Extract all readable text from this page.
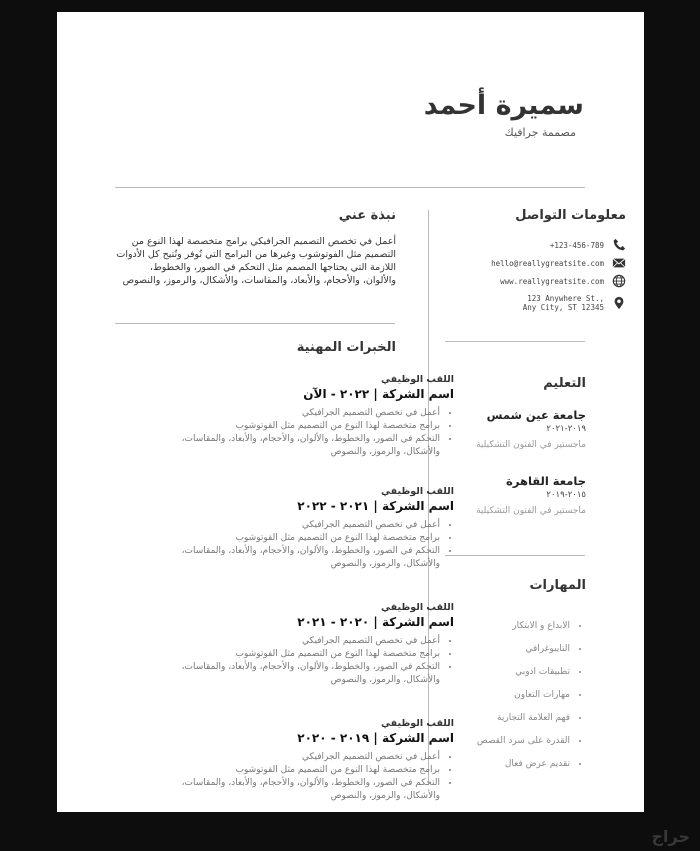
سميرة أحمد
مصممة جرافيك
نبذة عني

أعمل في تخصص التصميم الجرافيكي برامج متخصصة لهذا النوع من التصميم مثل الفوتوشوب وغيرها من البرامج التي تُوفر وتُتيح كل الأدوات اللازمة التي يحتاجها المصمم مثل التحكم في الصور، والخطوط، والألوان، والأحجام، والأبعاد، والمقاسات، والأشكال، والرموز، والنصوص

الخبرات المهنية
اللقب الوظيفي
اسم الشركة | ٢٠٢٢ - الآن
• أعمل في تخصص التصميم الجرافيكي
• برامج متخصصة لهذا النوع من التصميم مثل الفوتوشوب
• التحكم في الصور، والخطوط، والألوان، والأحجام، والأبعاد، والمقاسات، والأشكال، والرموز، والنصوص
اللقب الوظيفي
اسم الشركة | ٢٠٢١ - ٢٠٢٢
• أعمل في تخصص التصميم الجرافيكي
• برامج متخصصة لهذا النوع من التصميم مثل الفوتوشوب
• التحكم في الصور، والخطوط، والألوان، والأحجام، والأبعاد، والمقاسات، والأشكال، والرموز، والنصوص
اللقب الوظيفي
اسم الشركة | ٢٠٢٠ - ٢٠٢١
• أعمل في تخصص التصميم الجرافيكي
• برامج متخصصة لهذا النوع من التصميم مثل الفوتوشوب
• التحكم في الصور، والخطوط، والألوان، والأحجام، والأبعاد، والمقاسات، والأشكال، والرموز، والنصوص
اللقب الوظيفي
اسم الشركة | ٢٠١٩ - ٢٠٢٠
• أعمل في تخصص التصميم الجرافيكي
• برامج متخصصة لهذا النوع من التصميم مثل الفوتوشوب
• التحكم في الصور، والخطوط، والألوان، والأحجام، والأبعاد، والمقاسات، والأشكال، والرموز، والنصوص
معلومات التواصل
+123-456-789
hello@reallygreatsite.com
www.reallygreatsite.com
123 Anywhere St.,
Any City, ST 12345
التعليم
جامعة عين شمس
٢٠١٩-٢٠٢١
ماجستير في الفنون التشكيلية
جامعة القاهرة
٢٠١٥-٢٠١٩
ماجستير في الفنون التشكيلية
المهارات
• الابداع و الابتكار
• التايبوغرافي
• تطبيقات ادوبي
• مهارات التعاون
• فهم العلامة التجارية
• القدرة على سرد القصص
• تقديم عرض فعال
حراج
